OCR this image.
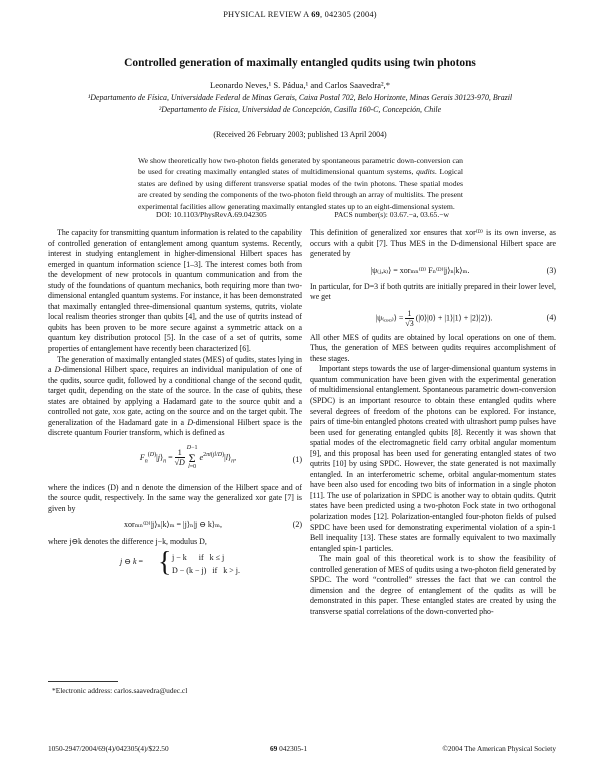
PHYSICAL REVIEW A 69, 042305 (2004)
Controlled generation of maximally entangled qudits using twin photons
Leonardo Neves,¹ S. Pádua,¹ and Carlos Saavedra²,*
¹Departamento de Física, Universidade Federal de Minas Gerais, Caixa Postal 702, Belo Horizonte, Minas Gerais 30123-970, Brazil
²Departamento de Física, Universidad de Concepción, Casilla 160-C, Concepción, Chile
(Received 26 February 2003; published 13 April 2004)
We show theoretically how two-photon fields generated by spontaneous parametric down-conversion can be used for creating maximally entangled states of multidimensional quantum systems, qudits. Logical states are defined by using different transverse spatial modes of the twin photons. These spatial modes are created by sending the components of the two-photon field through an array of multislits. The present experimental facilities allow generating maximally entangled states up to an eight-dimensional system.
DOI: 10.1103/PhysRevA.69.042305	PACS number(s): 03.67.−a, 03.65.−w

The capacity for transmitting quantum information is related to the capability of controlled generation of entanglement among quantum systems. Recently, interest in studying entanglement in higher-dimensional Hilbert spaces has emerged in quantum information science [1–3]. The interest comes both from the development of new protocols in quantum communication and from the study of the foundations of quantum mechanics, both requiring more than two-dimensional entangled quantum systems. For instance, it has been demonstrated that maximally entangled three-dimensional quantum systems, qutrits, violate local realism theories stronger than qubits [4], and the use of qutrits instead of qubits has been proven to be more secure against a symmetric attack on a quantum key distribution protocol [5]. In the case of a set of qutrits, some properties of entanglement have recently been characterized [6].

The generation of maximally entangled states (MES) of qudits, states lying in a D-dimensional Hilbert space, requires an individual manipulation of one of the qudits, source qudit, followed by a conditional change of the second qudit, target qudit, depending on the state of the source. In the case of qubits, these states are obtained by applying a Hadamard gate to the source qubit and a controlled not gate, xor gate, acting on the source and on the target qubit. The generalization of the Hadamard gate in a D-dimensional Hilbert space is the discrete quantum Fourier transform, which is defined as

$F_n^{(D)}|j⟩_n = \frac{1}{√D}$

D−1
Σ
l=0
$e^{2\pi i(jl/D)}|l⟩_n$,	(1)

where the indices (D) and n denote the dimension of the Hilbert space and of the source qudit, respectively. In the same way the generalized xor gate [7] is given by

xorₘₙ⁽ᴰ⁾|j⟩ₙ|k⟩ₘ = |j⟩ₙ|j ⊖ k⟩ₘ,	(2)

where j⊖k denotes the difference j−k, modulus D,

j ⊖ k = { j − k      if   k ≤ j
D − (k − j)   if   k > j.
*Electronic address: carlos.saavedra@udec.cl

This definition of generalized xor ensures that xor⁽ᴰ⁾ is its own inverse, as occurs with a qubit [7]. Thus MES in the D-dimensional Hilbert space are generated by

|ψ₍ⱼ,ₖ₎⟩ = xorₘₙ⁽ᴰ⁾ Fₙ⁽ᴰ⁾|j⟩ₙ|k⟩ₘ.	(3)

In particular, for D=3 if both qutrits are initially prepared in their lower level, we get

|ψ₍₀,₀₎⟩ = $\frac{1}{√3}$ (|0⟩|0⟩ + |1⟩|1⟩ + |2⟩|2⟩).	(4)

All other MES of qudits are obtained by local operations on one of them. Thus, the generation of MES between qudits requires accomplishment of these stages.

Important steps towards the use of larger-dimensional quantum systems in quantum communication have been given with the experimental generation of multidimensional entanglement. Spontaneous parametric down-conversion (SPDC) is an important resource to obtain these entangled qudits where several degrees of freedom of the photons can be explored. For instance, pairs of time-bin entangled photons created with ultrashort pump pulses have been used for generating entangled qubits [8]. Recently it was shown that spatial modes of the electromagnetic field carry orbital angular momentum [9], and this proposal has been used for generating entangled states of two qutrits [10] by using SPDC. However, the state generated is not maximally entangled. In an interferometric scheme, orbital angular-momentum states have been also used for encoding two bits of information in a single photon [11]. The use of polarization in SPDC is another way to obtain qudits. Qutrit states have been predicted using a two-photon Fock state in two orthogonal polarization modes [12]. Polarization-entangled four-photon fields of pulsed SPDC have been used for demonstrating experimental violation of a spin-1 Bell inequality [13]. These states are formally equivalent to two maximally entangled spin-1 particles.

The main goal of this theoretical work is to show the feasibility of controlled generation of MES of qudits using a two-photon field generated by SPDC. The word “controlled” stresses the fact that we can control the dimension and the degree of entanglement of the qudits as will be demonstrated in this paper. These entangled states are created by using the transverse spatial correlations of the down-converted pho-

1050-2947/2004/69(4)/042305(4)/$22.50	69 042305-1	©2004 The American Physical Society
